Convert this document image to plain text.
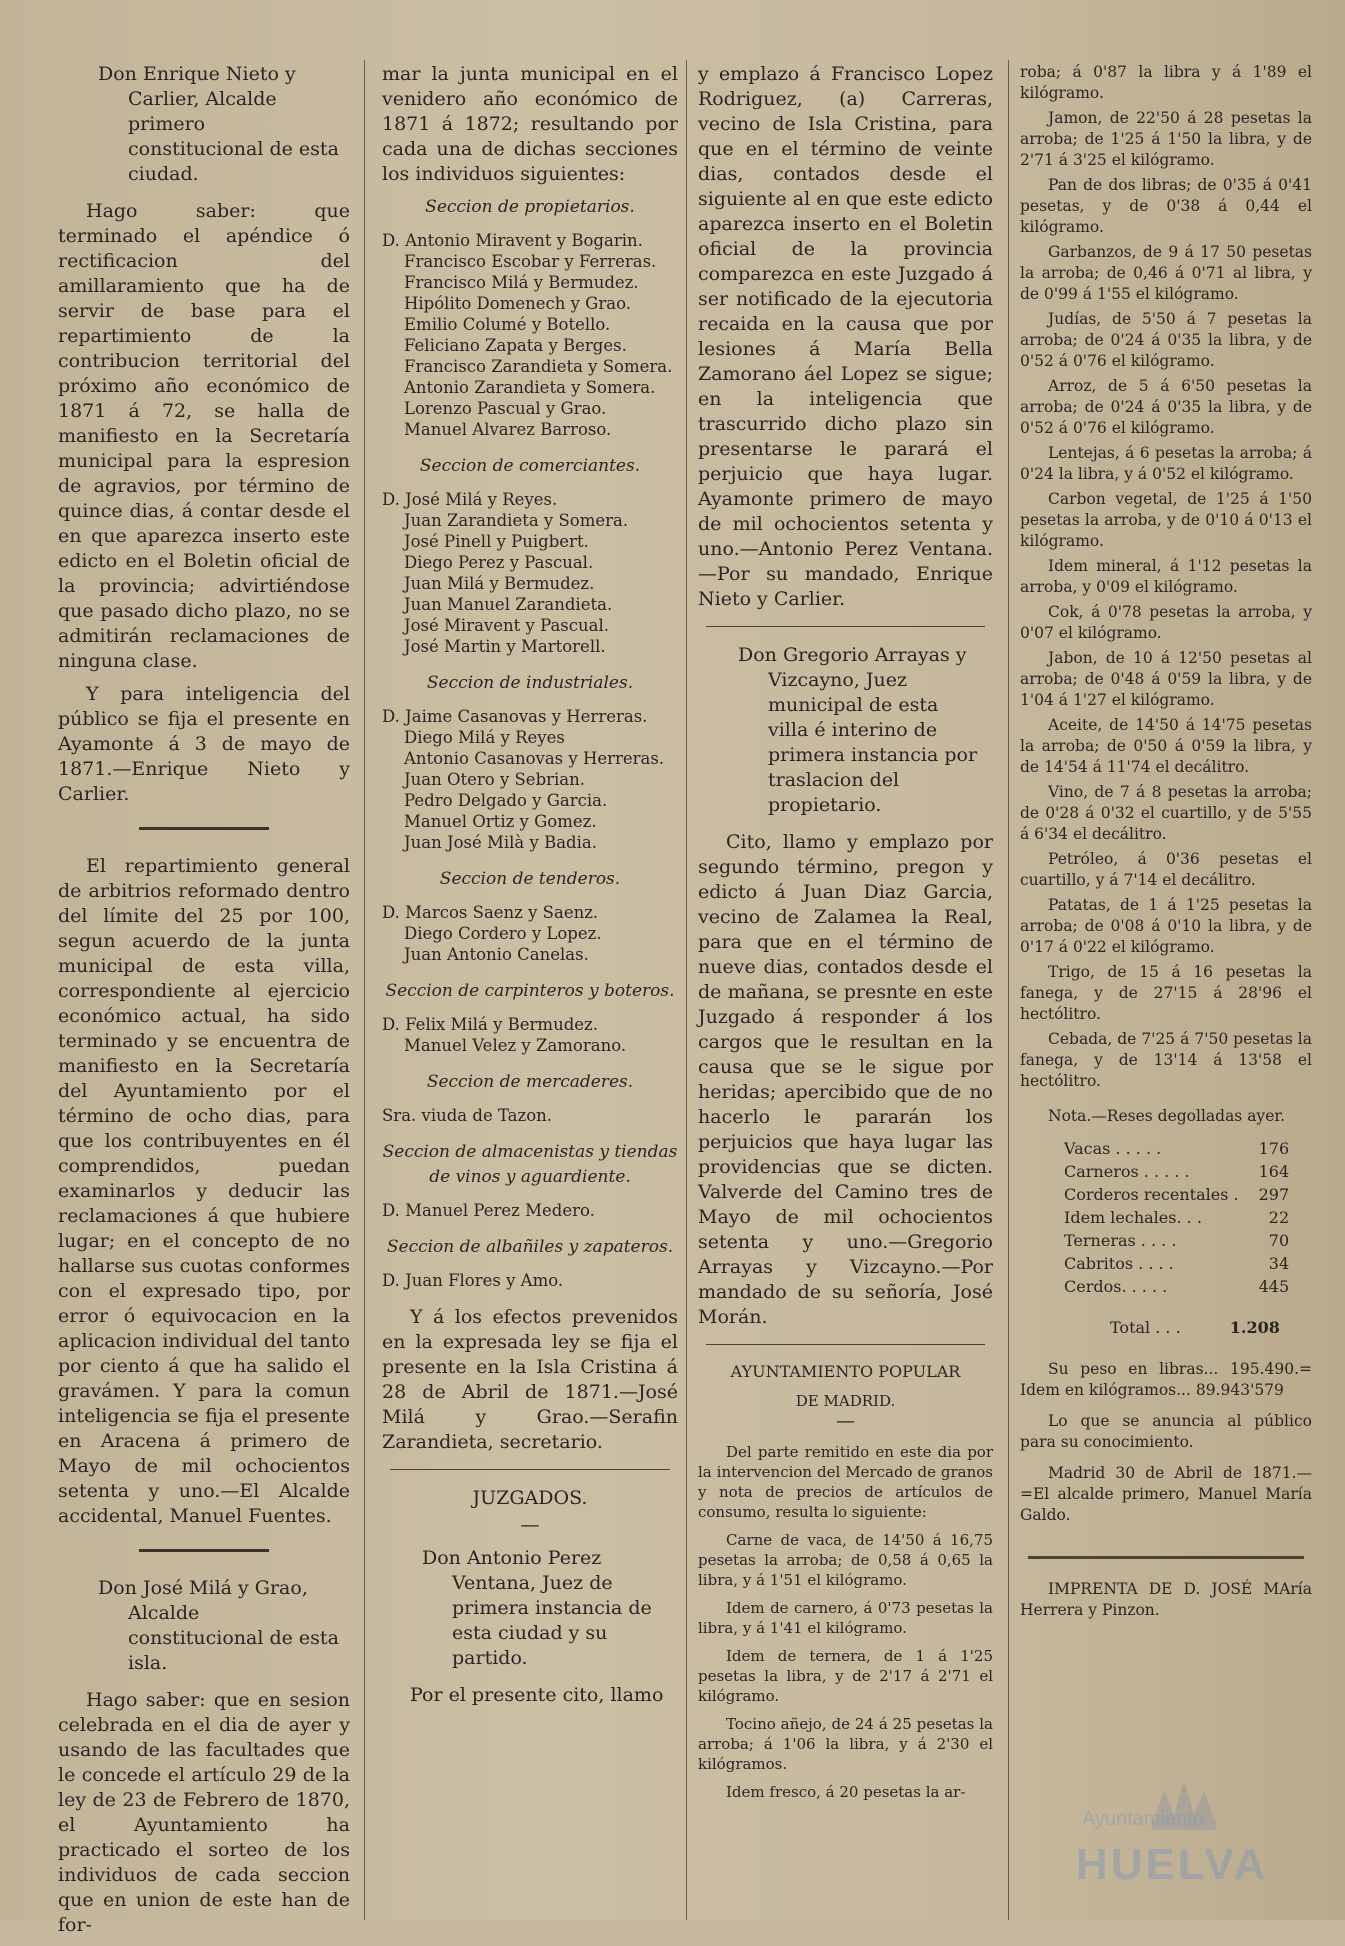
Don Enrique Nieto y Carlier, Alcalde primero constitucional de esta ciudad.

Hago saber: que terminado el apéndice ó rectificacion del amillaramiento que ha de servir de base para el repartimiento de la contribucion territorial del próximo año económico de 1871 á 72, se halla de manifiesto en la Secretaría municipal para la espresion de agravios, por término de quince dias, á contar desde el en que aparezca inserto este edicto en el Boletin oficial de la provincia; advirtiéndose que pasado dicho plazo, no se admitirán reclamaciones de ninguna clase.

Y para inteligencia del público se fija el presente en Ayamonte á 3 de mayo de 1871.—Enrique Nieto y Carlier.

El repartimiento general de arbitrios reformado dentro del límite del 25 por 100, segun acuerdo de la junta municipal de esta villa, correspondiente al ejercicio económico actual, ha sido terminado y se encuentra de manifiesto en la Secretaría del Ayuntamiento por el término de ocho dias, para que los contribuyentes en él comprendidos, puedan examinarlos y deducir las reclamaciones á que hubiere lugar; en el concepto de no hallarse sus cuotas conformes con el expresado tipo, por error ó equivocacion en la aplicacion individual del tanto por ciento á que ha salido el gravámen. Y para la comun inteligencia se fija el presente en Aracena á primero de Mayo de mil ochocientos setenta y uno.—El Alcalde accidental, Manuel Fuentes.

Don José Milá y Grao, Alcalde constitucional de esta isla.

Hago saber: que en sesion celebrada en el dia de ayer y usando de las facultades que le concede el artículo 29 de la ley de 23 de Febrero de 1870, el Ayuntamiento ha practicado el sorteo de los individuos de cada seccion que en union de este han de for-

mar la junta municipal en el venidero año económico de 1871 á 1872; resultando por cada una de dichas secciones los individuos siguientes:

Seccion de propietarios.

D. Antonio Miravent y Bogarin.
Francisco Escobar y Ferreras.
Francisco Milá y Bermudez.
Hipólito Domenech y Grao.
Emilio Columé y Botello.
Feliciano Zapata y Berges.
Francisco Zarandieta y Somera.
Antonio Zarandieta y Somera.
Lorenzo Pascual y Grao.
Manuel Alvarez Barroso.

Seccion de comerciantes.

D. José Milá y Reyes.
Juan Zarandieta y Somera.
José Pinell y Puigbert.
Diego Perez y Pascual.
Juan Milá y Bermudez.
Juan Manuel Zarandieta.
José Miravent y Pascual.
José Martin y Martorell.

Seccion de industriales.

D. Jaime Casanovas y Herreras.
Diego Milá y Reyes
Antonio Casanovas y Herreras.
Juan Otero y Sebrian.
Pedro Delgado y Garcia.
Manuel Ortiz y Gomez.
Juan José Milà y Badia.

Seccion de tenderos.

D. Marcos Saenz y Saenz.
Diego Cordero y Lopez.
Juan Antonio Canelas.

Seccion de carpinteros y boteros.

D. Felix Milá y Bermudez.
Manuel Velez y Zamorano.

Seccion de mercaderes.

Sra. viuda de Tazon.

Seccion de almacenistas y tiendas de vinos y aguardiente.

D. Manuel Perez Medero.

Seccion de albañiles y zapateros.

D. Juan Flores y Amo.

Y á los efectos prevenidos en la expresada ley se fija el presente en la Isla Cristina á 28 de Abril de 1871.—José Milá y Grao.—Serafin Zarandieta, secretario.

JUZGADOS.

—

Don Antonio Perez Ventana, Juez de primera instancia de esta ciudad y su partido.

Por el presente cito, llamo

y emplazo á Francisco Lopez Rodriguez, (a) Carreras, vecino de Isla Cristina, para que en el término de veinte dias, contados desde el siguiente al en que este edicto aparezca inserto en el Boletin oficial de la provincia comparezca en este Juzgado á ser notificado de la ejecutoria recaida en la causa que por lesiones á María Bella Zamorano áel Lopez se sigue; en la inteligencia que trascurrido dicho plazo sin presentarse le parará el perjuicio que haya lugar. Ayamonte primero de mayo de mil ochocientos setenta y uno.—Antonio Perez Ventana.—Por su mandado, Enrique Nieto y Carlier.

Don Gregorio Arrayas y Vizcayno, Juez municipal de esta villa é interino de primera instancia por traslacion del propietario.

Cito, llamo y emplazo por segundo término, pregon y edicto á Juan Diaz Garcia, vecino de Zalamea la Real, para que en el término de nueve dias, contados desde el de mañana, se presnte en este Juzgado á responder á los cargos que le resultan en la causa que se le sigue por heridas; apercibido que de no hacerlo le pararán los perjuicios que haya lugar las providencias que se dicten. Valverde del Camino tres de Mayo de mil ochocientos setenta y uno.—Gregorio Arrayas y Vizcayno.—Por mandado de su señoría, José Morán.

AYUNTAMIENTO POPULAR

DE MADRID.

—

Del parte remitido en este dia por la intervencion del Mercado de granos y nota de precios de artículos de consumo, resulta lo siguiente:

Carne de vaca, de 14'50 á 16,75 pesetas la arroba; de 0,58 á 0,65 la libra, y á 1'51 el kilógramo.

Idem de carnero, á 0'73 pesetas la libra, y á 1'41 el kilógramo.

Idem de ternera, de 1 á 1'25 pesetas la libra, y de 2'17 á 2'71 el kilógramo.

Tocino añejo, de 24 á 25 pesetas la arroba; á 1'06 la libra, y á 2'30 el kilógramos.

Idem fresco, á 20 pesetas la ar-

roba; á 0'87 la libra y á 1'89 el kilógramo.

Jamon, de 22'50 á 28 pesetas la arroba; de 1'25 á 1'50 la libra, y de 2'71 á 3'25 el kilógramo.

Pan de dos libras; de 0'35 á 0'41 pesetas, y de 0'38 á 0,44 el kilógramo.

Garbanzos, de 9 á 17 50 pesetas la arroba; de 0,46 á 0'71 al libra, y de 0'99 á 1'55 el kilógramo.

Judías, de 5'50 á 7 pesetas la arroba; de 0'24 á 0'35 la libra, y de 0'52 á 0'76 el kilógramo.

Arroz, de 5 á 6'50 pesetas la arroba; de 0'24 á 0'35 la libra, y de 0'52 á 0'76 el kilógramo.

Lentejas, á 6 pesetas la arroba; á 0'24 la libra, y á 0'52 el kilógramo.

Carbon vegetal, de 1'25 á 1'50 pesetas la arroba, y de 0'10 á 0'13 el kilógramo.

Idem mineral, á 1'12 pesetas la arroba, y 0'09 el kilógramo.

Cok, á 0'78 pesetas la arroba, y 0'07 el kilógramo.

Jabon, de 10 á 12'50 pesetas al arroba; de 0'48 á 0'59 la libra, y de 1'04 á 1'27 el kilógramo.

Aceite, de 14'50 á 14'75 pesetas la arroba; de 0'50 á 0'59 la libra, y de 14'54 á 11'74 el decálitro.

Vino, de 7 á 8 pesetas la arroba; de 0'28 á 0'32 el cuartillo, y de 5'55 á 6'34 el decálitro.

Petróleo, á 0'36 pesetas el cuartillo, y á 7'14 el decálitro.

Patatas, de 1 á 1'25 pesetas la arroba; de 0'08 á 0'10 la libra, y de 0'17 á 0'22 el kilógramo.

Trigo, de 15 á 16 pesetas la fanega, y de 27'15 á 28'96 el hectólitro.

Cebada, de 7'25 á 7'50 pesetas la fanega, y de 13'14 á 13'58 el hectólitro.

Nota.—Reses degolladas ayer.

Vacas . . . . .	176
Carneros . . . . .	164
Corderos recentales .	297
Idem lechales. . .	22
Terneras . . . .	70
Cabritos . . . .	34
Cerdos. . . . .	445
Total . . .	1.208

Su peso en libras... 195.490.= Idem en kilógramos... 89.943'579

Lo que se anuncia al público para su conocimiento.

Madrid 30 de Abril de 1871.— =El alcalde primero, Manuel María Galdo.

IMPRENTA DE D. JOSÉ MAría Herrera y Pinzon.

Ayuntamiento
HUELVA
